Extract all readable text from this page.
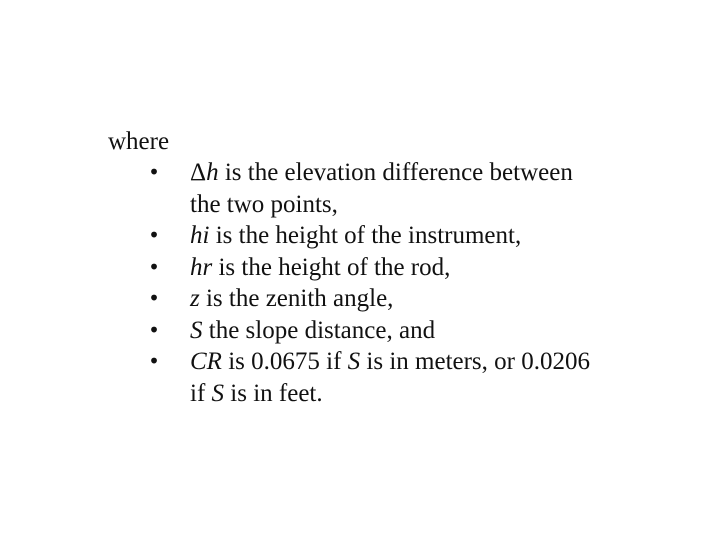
where

• Δh is the elevation difference between
the two points,
• hi is the height of the instrument,
• hr is the height of the rod,
• z is the zenith angle,
• S the slope distance, and
• CR is 0.0675 if S is in meters, or 0.0206
if S is in feet.
